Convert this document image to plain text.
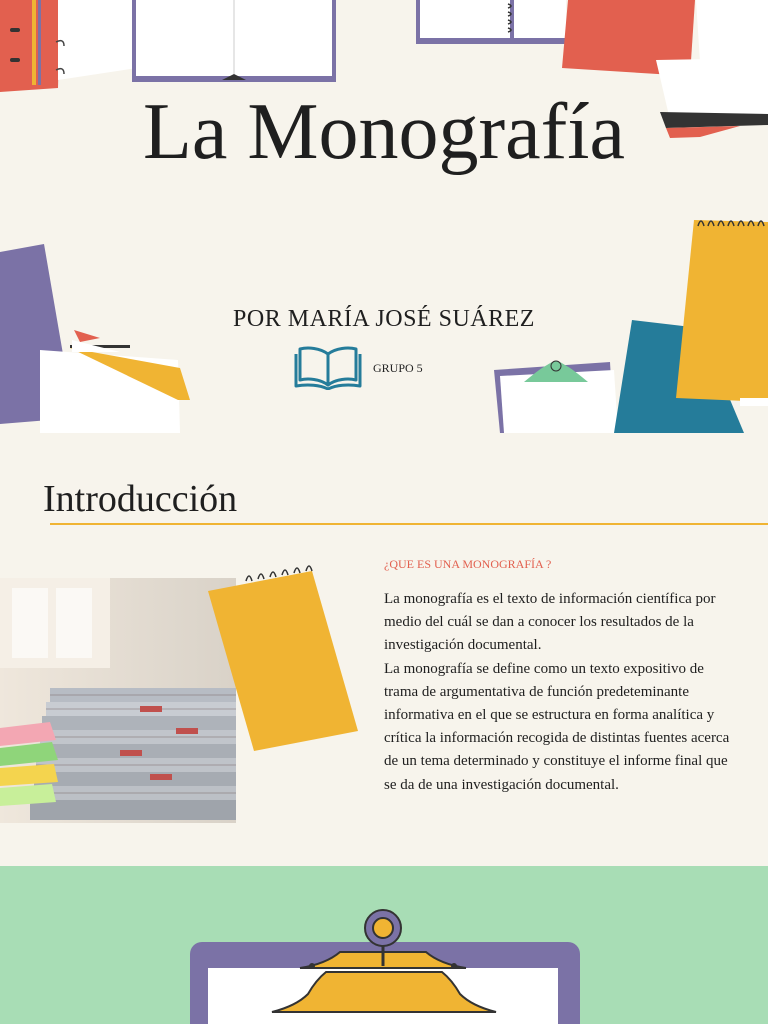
La Monografía
POR MARÍA JOSÉ SUÁREZ
GRUPO 5
Introducción
¿QUE ES UNA MONOGRAFÍA ?
La monografía es el texto de información científica por medio del cuál se dan a conocer los resultados de la investigación documental.
La monografía se define como un texto expositivo de trama de argumentativa de función predeteminante informativa en el que se estructura en forma analítica y crítica la información recogida de distintas fuentes acerca de un tema determinado y constituye el informe final que se da de una investigación documental.
